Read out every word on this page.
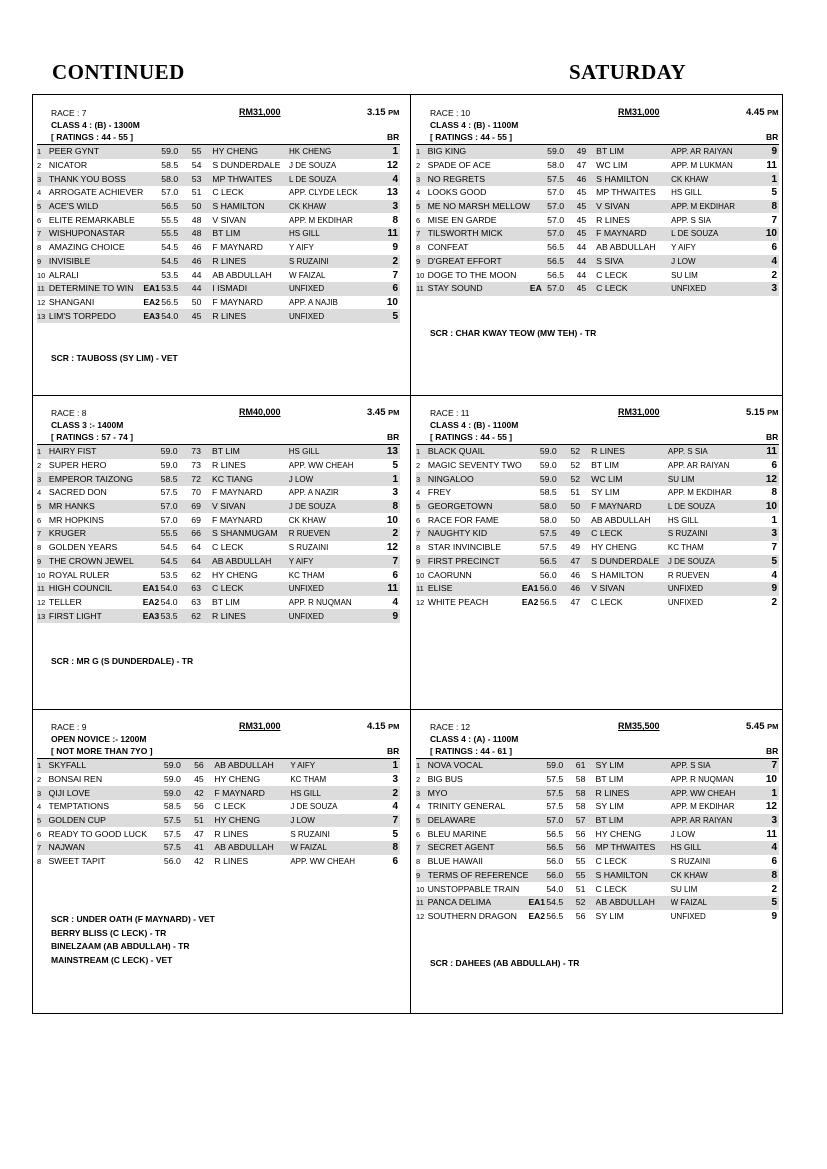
CONTINUED	SATURDAY
RACE : 7	RM31,000	3.15 PM
CLASS 4 : (B) - 1300M
[ RATINGS : 44 - 55 ]	BR
1	PEER GYNT		59.0	55	HY CHENG	HK CHENG	1
2	NICATOR		58.5	54	S DUNDERDALE	J DE SOUZA	12
3	THANK YOU BOSS		58.0	53	MP THWAITES	L DE SOUZA	4
4	ARROGATE ACHIEVER		57.0	51	C LECK	APP. CLYDE LECK	13
5	ACE'S WILD		56.5	50	S HAMILTON	CK KHAW	3
6	ELITE REMARKABLE		55.5	48	V SIVAN	APP. M EKDIHAR	8
7	WISHUPONASTAR		55.5	48	BT LIM	HS GILL	11
8	AMAZING CHOICE		54.5	46	F MAYNARD	Y AIFY	9
9	INVISIBLE		54.5	46	R LINES	S RUZAINI	2
10	ALRALI		53.5	44	AB ABDULLAH	W FAIZAL	7
11	DETERMINE TO WIN	EA1	53.5	44	I ISMADI	UNFIXED	6
12	SHANGANI	EA2	56.5	50	F MAYNARD	APP. A NAJIB	10
13	LIM'S TORPEDO	EA3	54.0	45	R LINES	UNFIXED	5
SCR : TAUBOSS (SY LIM) - VET
RACE : 10	RM31,000	4.45 PM
CLASS 4 : (B) - 1100M
[ RATINGS : 44 - 55 ]	BR
1	BIG KING		59.0	49	BT LIM	APP. AR RAIYAN	9
2	SPADE OF ACE		58.0	47	WC LIM	APP. M LUKMAN	11
3	NO REGRETS		57.5	46	S HAMILTON	CK KHAW	1
4	LOOKS GOOD		57.0	45	MP THWAITES	HS GILL	5
5	ME NO MARSH MELLOW		57.0	45	V SIVAN	APP. M EKDIHAR	8
6	MISE EN GARDE		57.0	45	R LINES	APP. S SIA	7
7	TILSWORTH MICK		57.0	45	F MAYNARD	L DE SOUZA	10
8	CONFEAT		56.5	44	AB ABDULLAH	Y AIFY	6
9	D'GREAT EFFORT		56.5	44	S SIVA	J LOW	4
10	DOGE TO THE MOON		56.5	44	C LECK	SU LIM	2
11	STAY SOUND	EA	57.0	45	C LECK	UNFIXED	3
SCR : CHAR KWAY TEOW (MW TEH) - TR
RACE : 8	RM40,000	3.45 PM
CLASS 3 :- 1400M
[ RATINGS : 57 - 74 ]	BR
1	HAIRY FIST		59.0	73	BT LIM	HS GILL	13
2	SUPER HERO		59.0	73	R LINES	APP. WW CHEAH	5
3	EMPEROR TAIZONG		58.5	72	KC TIANG	J LOW	1
4	SACRED DON		57.5	70	F MAYNARD	APP. A NAZIR	3
5	MR HANKS		57.0	69	V SIVAN	J DE SOUZA	8
6	MR HOPKINS		57.0	69	F MAYNARD	CK KHAW	10
7	KRUGER		55.5	66	S SHANMUGAM	R RUEVEN	2
8	GOLDEN YEARS		54.5	64	C LECK	S RUZAINI	12
9	THE CROWN JEWEL		54.5	64	AB ABDULLAH	Y AIFY	7
10	ROYAL RULER		53.5	62	HY CHENG	KC THAM	6
11	HIGH COUNCIL	EA1	54.0	63	C LECK	UNFIXED	11
12	TELLER	EA2	54.0	63	BT LIM	APP. R NUQMAN	4
13	FIRST LIGHT	EA3	53.5	62	R LINES	UNFIXED	9
SCR : MR G (S DUNDERDALE) - TR
RACE : 11	RM31,000	5.15 PM
CLASS 4 : (B) - 1100M
[ RATINGS : 44 - 55 ]	BR
1	BLACK QUAIL		59.0	52	R LINES	APP. S SIA	11
2	MAGIC SEVENTY TWO		59.0	52	BT LIM	APP. AR RAIYAN	6
3	NINGALOO		59.0	52	WC LIM	SU LIM	12
4	FREY		58.5	51	SY LIM	APP. M EKDIHAR	8
5	GEORGETOWN		58.0	50	F MAYNARD	L DE SOUZA	10
6	RACE FOR FAME		58.0	50	AB ABDULLAH	HS GILL	1
7	NAUGHTY KID		57.5	49	C LECK	S RUZAINI	3
8	STAR INVINCIBLE		57.5	49	HY CHENG	KC THAM	7
9	FIRST PRECINCT		56.5	47	S DUNDERDALE	J DE SOUZA	5
10	CAORUNN		56.0	46	S HAMILTON	R RUEVEN	4
11	ELISE	EA1	56.0	46	V SIVAN	UNFIXED	9
12	WHITE PEACH	EA2	56.5	47	C LECK	UNFIXED	2
RACE : 9	RM31,000	4.15 PM
OPEN NOVICE :- 1200M
[ NOT MORE THAN 7YO ]	BR
1	SKYFALL		59.0	56	AB ABDULLAH	Y AIFY	1
2	BONSAI REN		59.0	45	HY CHENG	KC THAM	3
3	QIJI LOVE		59.0	42	F MAYNARD	HS GILL	2
4	TEMPTATIONS		58.5	56	C LECK	J DE SOUZA	4
5	GOLDEN CUP		57.5	51	HY CHENG	J LOW	7
6	READY TO GOOD LUCK		57.5	47	R LINES	S RUZAINI	5
7	NAJWAN		57.5	41	AB ABDULLAH	W FAIZAL	8
8	SWEET TAPIT		56.0	42	R LINES	APP. WW CHEAH	6
SCR : UNDER OATH (F MAYNARD) - VET
BERRY BLISS (C LECK) - TR
BINELZAAM (AB ABDULLAH) - TR
MAINSTREAM (C LECK) - VET
RACE : 12	RM35,500	5.45 PM
CLASS 4 : (A) - 1100M
[ RATINGS : 44 - 61 ]	BR
1	NOVA VOCAL		59.0	61	SY LIM	APP. S SIA	7
2	BIG BUS		57.5	58	BT LIM	APP. R NUQMAN	10
3	MYO		57.5	58	R LINES	APP. WW CHEAH	1
4	TRINITY GENERAL		57.5	58	SY LIM	APP. M EKDIHAR	12
5	DELAWARE		57.0	57	BT LIM	APP. AR RAIYAN	3
6	BLEU MARINE		56.5	56	HY CHENG	J LOW	11
7	SECRET AGENT		56.5	56	MP THWAITES	HS GILL	4
8	BLUE HAWAII		56.0	55	C LECK	S RUZAINI	6
9	TERMS OF REFERENCE		56.0	55	S HAMILTON	CK KHAW	8
10	UNSTOPPABLE TRAIN		54.0	51	C LECK	SU LIM	2
11	PANCA DELIMA	EA1	54.5	52	AB ABDULLAH	W FAIZAL	5
12	SOUTHERN DRAGON	EA2	56.5	56	SY LIM	UNFIXED	9
SCR : DAHEES (AB ABDULLAH) - TR
